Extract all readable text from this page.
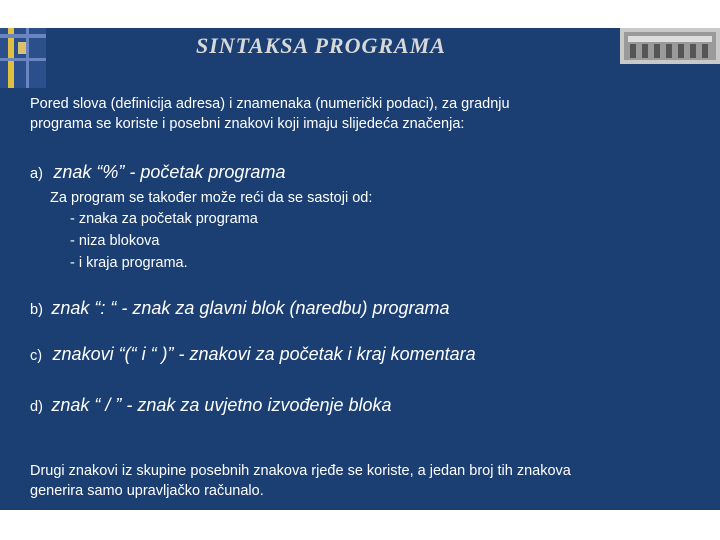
SINTAKSA PROGRAMA
Pored slova (definicija adresa) i znamenaka (numerički podaci), za gradnju
programa se koriste i posebni znakovi koji imaju slijedeća značenja:
a) znak “%” - početak programa
Za program se također može reći da se sastoji od:
- znaka za početak programa
- niza blokova
- i kraja programa.
b) znak “: “ - znak za glavni blok (naredbu) programa
c) znakovi “(“ i “ )” - znakovi za početak i kraj komentara
d) znak “ / ” - znak za uvjetno izvođenje bloka
Drugi znakovi iz skupine posebnih znakova rjeđe se koriste, a jedan broj tih znakova
generira samo upravljačko računalo.
